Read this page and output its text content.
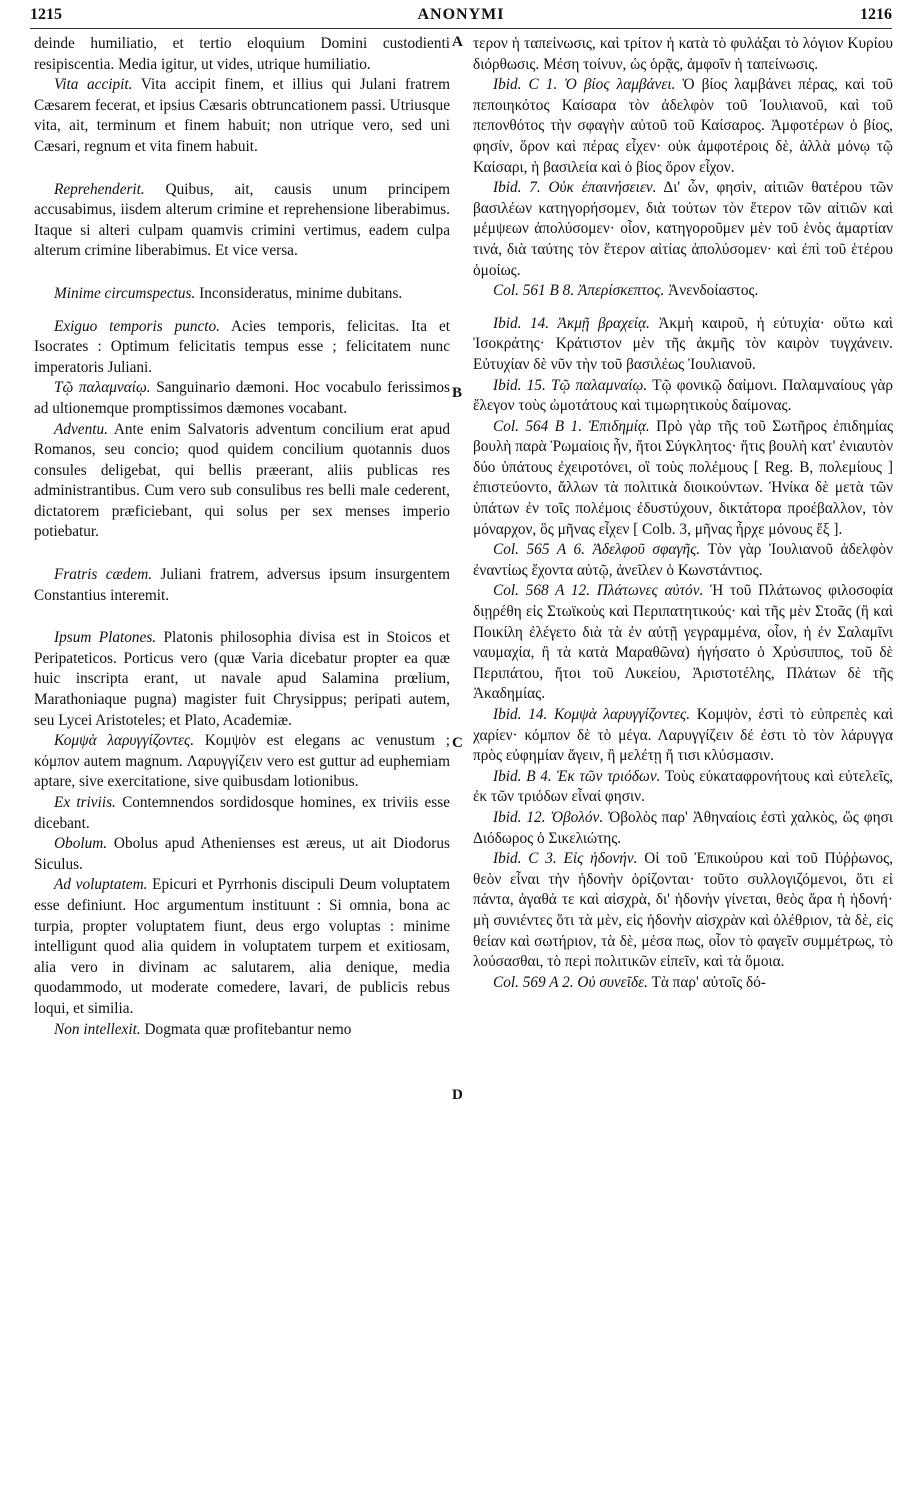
1215	ANONYMI	1216
A
B
C
D

deinde humiliatio, et tertio eloquium Domini custodienti resipiscentia. Media igitur, ut vides, utrique humiliatio.

Vita accipit. Vita accipit finem, et illius qui Julani fratrem Cæsarem fecerat, et ipsius Cæsaris obtruncationem passi. Utriusque vita, ait, terminum et finem habuit; non utrique vero, sed uni Cæsari, regnum et vita finem habuit.

Reprehenderit. Quibus, ait, causis unum principem accusabimus, iisdem alterum crimine et reprehensione liberabimus. Itaque si alteri culpam quamvis crimini vertimus, eadem culpa alterum crimine liberabimus. Et vice versa.

Minime circumspectus. Inconsideratus, minime dubitans.

Exiguo temporis puncto. Acies temporis, felicitas. Ita et Isocrates : Optimum felicitatis tempus esse ; felicitatem nunc imperatoris Juliani.

Τῷ παλαμναίῳ. Sanguinario dæmoni. Hoc vocabulo ferissimos ad ultionemque promptissimos dæmones vocabant.

Adventu. Ante enim Salvatoris adventum concilium erat apud Romanos, seu concio; quod quidem concilium quotannis duos consules deligebat, qui bellis præerant, aliis publicas res administrantibus. Cum vero sub consulibus res belli male cederent, dictatorem præficiebant, qui solus per sex menses imperio potiebatur.

Fratris cædem. Juliani fratrem, adversus ipsum insurgentem Constantius interemit.

Ipsum Platones. Platonis philosophia divisa est in Stoicos et Peripateticos. Porticus vero (quæ Varia dicebatur propter ea quæ huic inscripta erant, ut navale apud Salamina prœlium, Marathoniaque pugna) magister fuit Chrysippus; peripati autem, seu Lycei Aristoteles; et Plato, Academiæ.

Κομψὰ λαρυγγίζοντες. Κομψὸν est elegans ac venustum ; κόμπον autem magnum. Λαρυγγίζειν vero est guttur ad euphemiam aptare, sive exercitatione, sive quibusdam lotionibus.

Ex triviis. Contemnendos sordidosque homines, ex triviis esse dicebant.

Obolum. Obolus apud Athenienses est æreus, ut ait Diodorus Siculus.

Ad voluptatem. Epicuri et Pyrrhonis discipuli Deum voluptatem esse definiunt. Hoc argumentum instituunt : Si omnia, bona ac turpia, propter voluptatem fiunt, deus ergo voluptas : minime intelligunt quod alia quidem in voluptatem turpem et exitiosam, alia vero in divinam ac salutarem, alia denique, media quodammodo, ut moderate comedere, lavari, de publicis rebus loqui, et similia.

Non intellexit. Dogmata quæ profitebantur nemo

τερον ἡ ταπείνωσις, καὶ τρίτον ἡ κατὰ τὸ φυλάξαι τὸ λόγιον Κυρίου διόρθωσις. Μέση τοίνυν, ὡς ὁρᾷς, ἀμφοῖν ἡ ταπείνωσις.

Ibid. C 1. Ὁ βίος λαμβάνει. Ὁ βίος λαμβάνει πέρας, καὶ τοῦ πεποιηκότος Καίσαρα τὸν ἀδελφὸν τοῦ Ἰουλιανοῦ, καὶ τοῦ πεπονθότος τὴν σφαγὴν αὐτοῦ τοῦ Καίσαρος. Ἀμφοτέρων ὁ βίος, φησίν, ὅρον καὶ πέρας εἶχεν· οὐκ ἀμφοτέροις δὲ, ἀλλὰ μόνῳ τῷ Καίσαρι, ἡ βασιλεία καὶ ὁ βίος ὅρον εἶχον.

Ibid. 7. Οὐκ ἐπαινήσειεν. Δι' ὧν, φησὶν, αἰτιῶν θατέρου τῶν βασιλέων κατηγορήσομεν, διὰ τούτων τὸν ἕτερον τῶν αἰτιῶν καὶ μέμψεων ἀπολύσομεν· οἷον, κατηγοροῦμεν μὲν τοῦ ἑνὸς ἁμαρτίαν τινά, διὰ ταύτης τὸν ἕτερον αἰτίας ἀπολύσομεν· καὶ ἐπὶ τοῦ ἑτέρου ὁμοίως.

Col. 561 B 8. Ἀπερίσκεπτος. Ἀνενδοίαστος.

Ibid. 14. Ἀκμῇ βραχείᾳ. Ἀκμὴ καιροῦ, ἡ εὐτυχία· οὕτω καὶ Ἰσοκράτης· Κράτιστον μὲν τῆς ἀκμῆς τὸν καιρὸν τυγχάνειν. Εὐτυχίαν δὲ νῦν τὴν τοῦ βασιλέως Ἰουλιανοῦ.

Ibid. 15. Τῷ παλαμναίῳ. Τῷ φονικῷ δαίμονι. Παλαμναίους γὰρ ἔλεγον τοὺς ὠμοτάτους καὶ τιμωρητικοὺς δαίμονας.

Col. 564 B 1. Ἐπιδημίᾳ. Πρὸ γὰρ τῆς τοῦ Σωτῆρος ἐπιδημίας βουλὴ παρὰ Ῥωμαίοις ἦν, ἤτοι Σύγκλητος· ἥτις βουλὴ κατ' ἐνιαυτὸν δύο ὑπάτους ἐχειροτόνει, οἳ τοὺς πολέμους [ Reg. B, πολεμίους ] ἐπιστεύοντο, ἄλλων τὰ πολιτικὰ διοικούντων. Ἡνίκα δὲ μετὰ τῶν ὑπάτων ἐν τοῖς πολέμοις ἐδυστύχουν, δικτάτορα προέβαλλον, τὸν μόναρχον, ὃς μῆνας εἶχεν [ Colb. 3, μῆνας ἦρχε μόνους ἕξ ].

Col. 565 A 6. Ἀδελφοῦ σφαγῆς. Τὸν γὰρ Ἰουλιανοῦ ἀδελφὸν ἐναντίως ἔχοντα αὐτῷ, ἀνεῖλεν ὁ Κωνστάντιος.

Col. 568 A 12. Πλάτωνες αὐτόν. Ἡ τοῦ Πλάτωνος φιλοσοφία διῃρέθη εἰς Στωϊκοὺς καὶ Περιπατητικούς· καὶ τῆς μὲν Στοᾶς (ἢ καὶ Ποικίλη ἐλέγετο διὰ τὰ ἐν αὐτῇ γεγραμμένα, οἷον, ἡ ἐν Σαλαμῖνι ναυμαχία, ἢ τὰ κατὰ Μαραθῶνα) ἡγήσατο ὁ Χρύσιππος, τοῦ δὲ Περιπάτου, ἤτοι τοῦ Λυκείου, Ἀριστοτέλης, Πλάτων δὲ τῆς Ἀκαδημίας.

Ibid. 14. Κομψὰ λαρυγγίζοντες. Κομψὸν, ἐστὶ τὸ εὐπρεπὲς καὶ χαρίεν· κόμπον δὲ τὸ μέγα. Λαρυγγίζειν δέ ἐστι τὸ τὸν λάρυγγα πρὸς εὐφημίαν ἄγειν, ἢ μελέτῃ ἤ τισι κλύσμασιν.

Ibid. B 4. Ἐκ τῶν τριόδων. Τοὺς εὐκαταφρονήτους καὶ εὐτελεῖς, ἐκ τῶν τριόδων εἶναί φησιν.

Ibid. 12. Ὀβολόν. Ὀβολὸς παρ' Ἀθηναίοις ἐστὶ χαλκὸς, ὥς φησι Διόδωρος ὁ Σικελιώτης.

Ibid. C 3. Εἰς ἡδονήν. Οἱ τοῦ Ἐπικούρου καὶ τοῦ Πύῤῥωνος, θεὸν εἶναι τὴν ἡδονὴν ὁρίζονται· τοῦτο συλλογιζόμενοι, ὅτι εἰ πάντα, ἀγαθά τε καὶ αἰσχρὰ, δι' ἡδονὴν γίνεται, θεὸς ἄρα ἡ ἡδονή· μὴ συνιέντες ὅτι τὰ μὲν, εἰς ἡδονὴν αἰσχρὰν καὶ ὀλέθριον, τὰ δὲ, εἰς θείαν καὶ σωτήριον, τὰ δὲ, μέσα πως, οἷον τὸ φαγεῖν συμμέτρως, τὸ λούσασθαι, τὸ περὶ πολιτικῶν εἰπεῖν, καὶ τὰ ὅμοια.

Col. 569 A 2. Οὐ συνεῖδε. Τὰ παρ' αὐτοῖς δό-
